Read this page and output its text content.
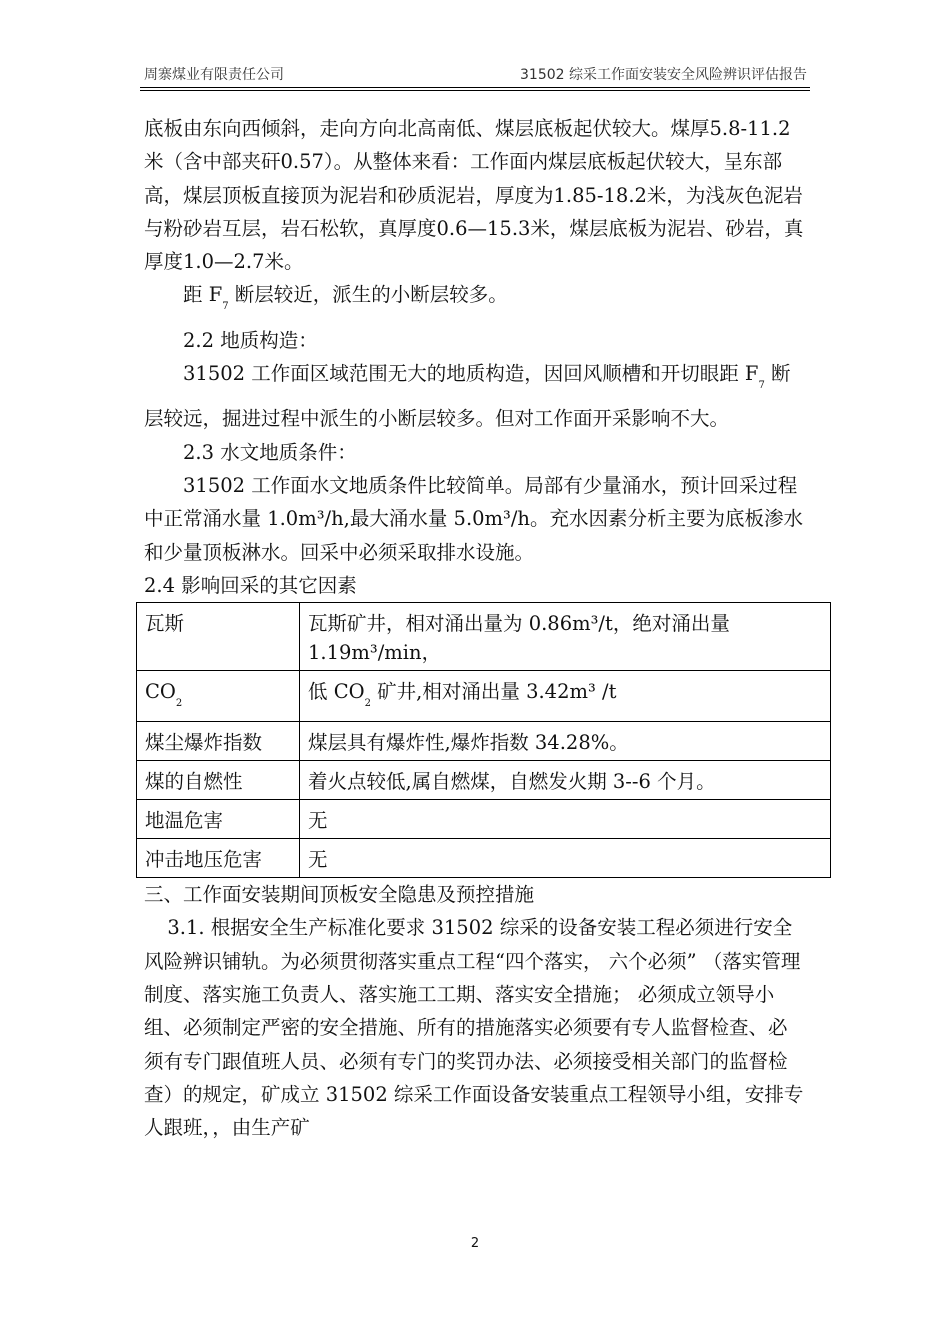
周寨煤业有限责任公司	31502 综采工作面安装安全风险辨识评估报告

底板由东向西倾斜，走向方向北高南低、煤层底板起伏较大。煤厚5.8-11.2米（含中部夹矸0.57）。从整体来看：工作面内煤层底板起伏较大，呈东部高，煤层顶板直接顶为泥岩和砂质泥岩，厚度为1.85-18.2米，为浅灰色泥岩与粉砂岩互层，岩石松软，真厚度0.6—15.3米，煤层底板为泥岩、砂岩，真厚度1.0—2.7米。

距 $F_7$ 断层较近，派生的小断层较多。

2.2 地质构造：

31502 工作面区域范围无大的地质构造，因回风顺槽和开切眼距 $F_7$ 断层较远，掘进过程中派生的小断层较多。但对工作面开采影响不大。

2.3 水文地质条件：

31502 工作面水文地质条件比较简单。局部有少量涌水，预计回采过程中正常涌水量 1.0m³/h,最大涌水量 5.0m³/h。充水因素分析主要为底板渗水和少量顶板淋水。回采中必须采取排水设施。

2.4 影响回采的其它因素

瓦斯	瓦斯矿井，相对涌出量为 0.86m³/t，绝对涌出量 1.19m³/min，
$CO_2$	低 $CO_2$ 矿井,相对涌出量 3.42m³ /t
煤尘爆炸指数	煤层具有爆炸性,爆炸指数 34.28%。
煤的自燃性	着火点较低,属自燃煤，自燃发火期 3--6 个月。
地温危害	无
冲击地压危害	无

三、工作面安装期间顶板安全隐患及预控措施

3.1. 根据安全生产标准化要求 31502 综采的设备安装工程必须进行安全风险辨识铺轨。为必须贯彻落实重点工程“四个落实， 六个必须” （落实管理制度、落实施工负责人、落实施工工期、落实安全措施； 必须成立领导小组、必须制定严密的安全措施、所有的措施落实必须要有专人监督检查、必须有专门跟值班人员、必须有专门的奖罚办法、必须接受相关部门的监督检查）的规定，矿成立 31502 综采工作面设备安装重点工程领导小组，安排专人跟班，，由生产矿

2
